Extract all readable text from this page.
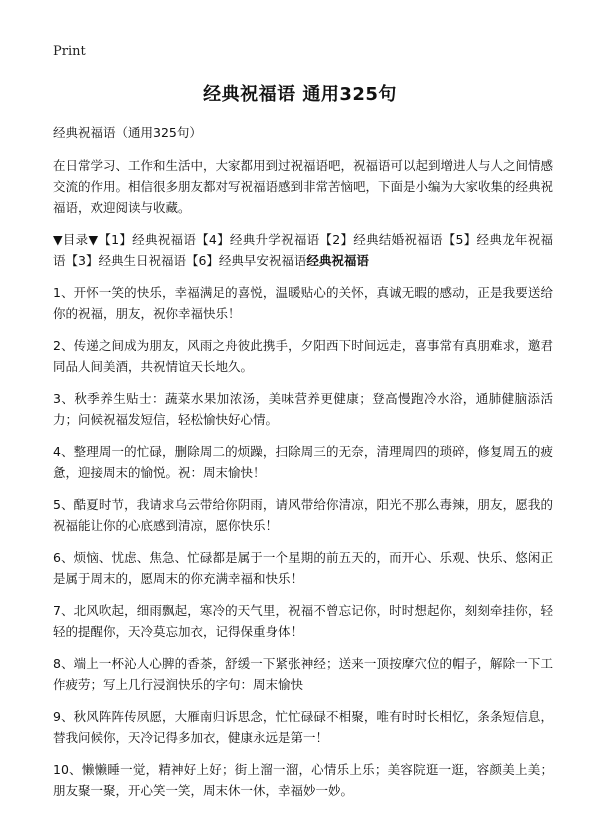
Print
经典祝福语 通用325句

经典祝福语（通用325句）

在日常学习、工作和生活中，大家都用到过祝福语吧，祝福语可以起到增进人与人之间情感交流的作用。相信很多朋友都对写祝福语感到非常苦恼吧，下面是小编为大家收集的经典祝福语，欢迎阅读与收藏。

▼目录▼【1】经典祝福语【4】经典升学祝福语【2】经典结婚祝福语【5】经典龙年祝福语【3】经典生日祝福语【6】经典早安祝福语经典祝福语

1、开怀一笑的快乐，幸福满足的喜悦，温暖贴心的关怀，真诚无暇的感动，正是我要送给你的祝福，朋友，祝你幸福快乐！

2、传递之间成为朋友，风雨之舟彼此携手，夕阳西下时间远走，喜事常有真朋难求，邀君同品人间美酒，共祝情谊天长地久。

3、秋季养生贴士：蔬菜水果加浓汤，美味营养更健康；登高慢跑冷水浴，通肺健脑添活力；问候祝福发短信，轻松愉快好心情。

4、整理周一的忙碌，删除周二的烦躁，扫除周三的无奈，清理周四的琐碎，修复周五的疲惫，迎接周末的愉悦。祝：周末愉快！

5、酷夏时节，我请求乌云带给你阴雨，请风带给你清凉，阳光不那么毒辣，朋友，愿我的祝福能让你的心底感到清凉，愿你快乐！

6、烦恼、忧虑、焦急、忙碌都是属于一个星期的前五天的，而开心、乐观、快乐、悠闲正是属于周末的，愿周末的你充满幸福和快乐！

7、北风吹起，细雨飘起，寒冷的天气里，祝福不曾忘记你，时时想起你，刻刻牵挂你，轻轻的提醒你，天冷莫忘加衣，记得保重身体！

8、端上一杯沁人心脾的香茶，舒缓一下紧张神经；送来一顶按摩穴位的帽子，解除一下工作疲劳；写上几行浸润快乐的字句：周末愉快

9、秋风阵阵传夙愿，大雁南归诉思念，忙忙碌碌不相聚，唯有时时长相忆，条条短信息，替我问候你，天冷记得多加衣，健康永远是第一！

10、懒懒睡一觉，精神好上好；街上溜一溜，心情乐上乐；美容院逛一逛，容颜美上美；朋友聚一聚，开心笑一笑，周末休一休，幸福妙一妙。
